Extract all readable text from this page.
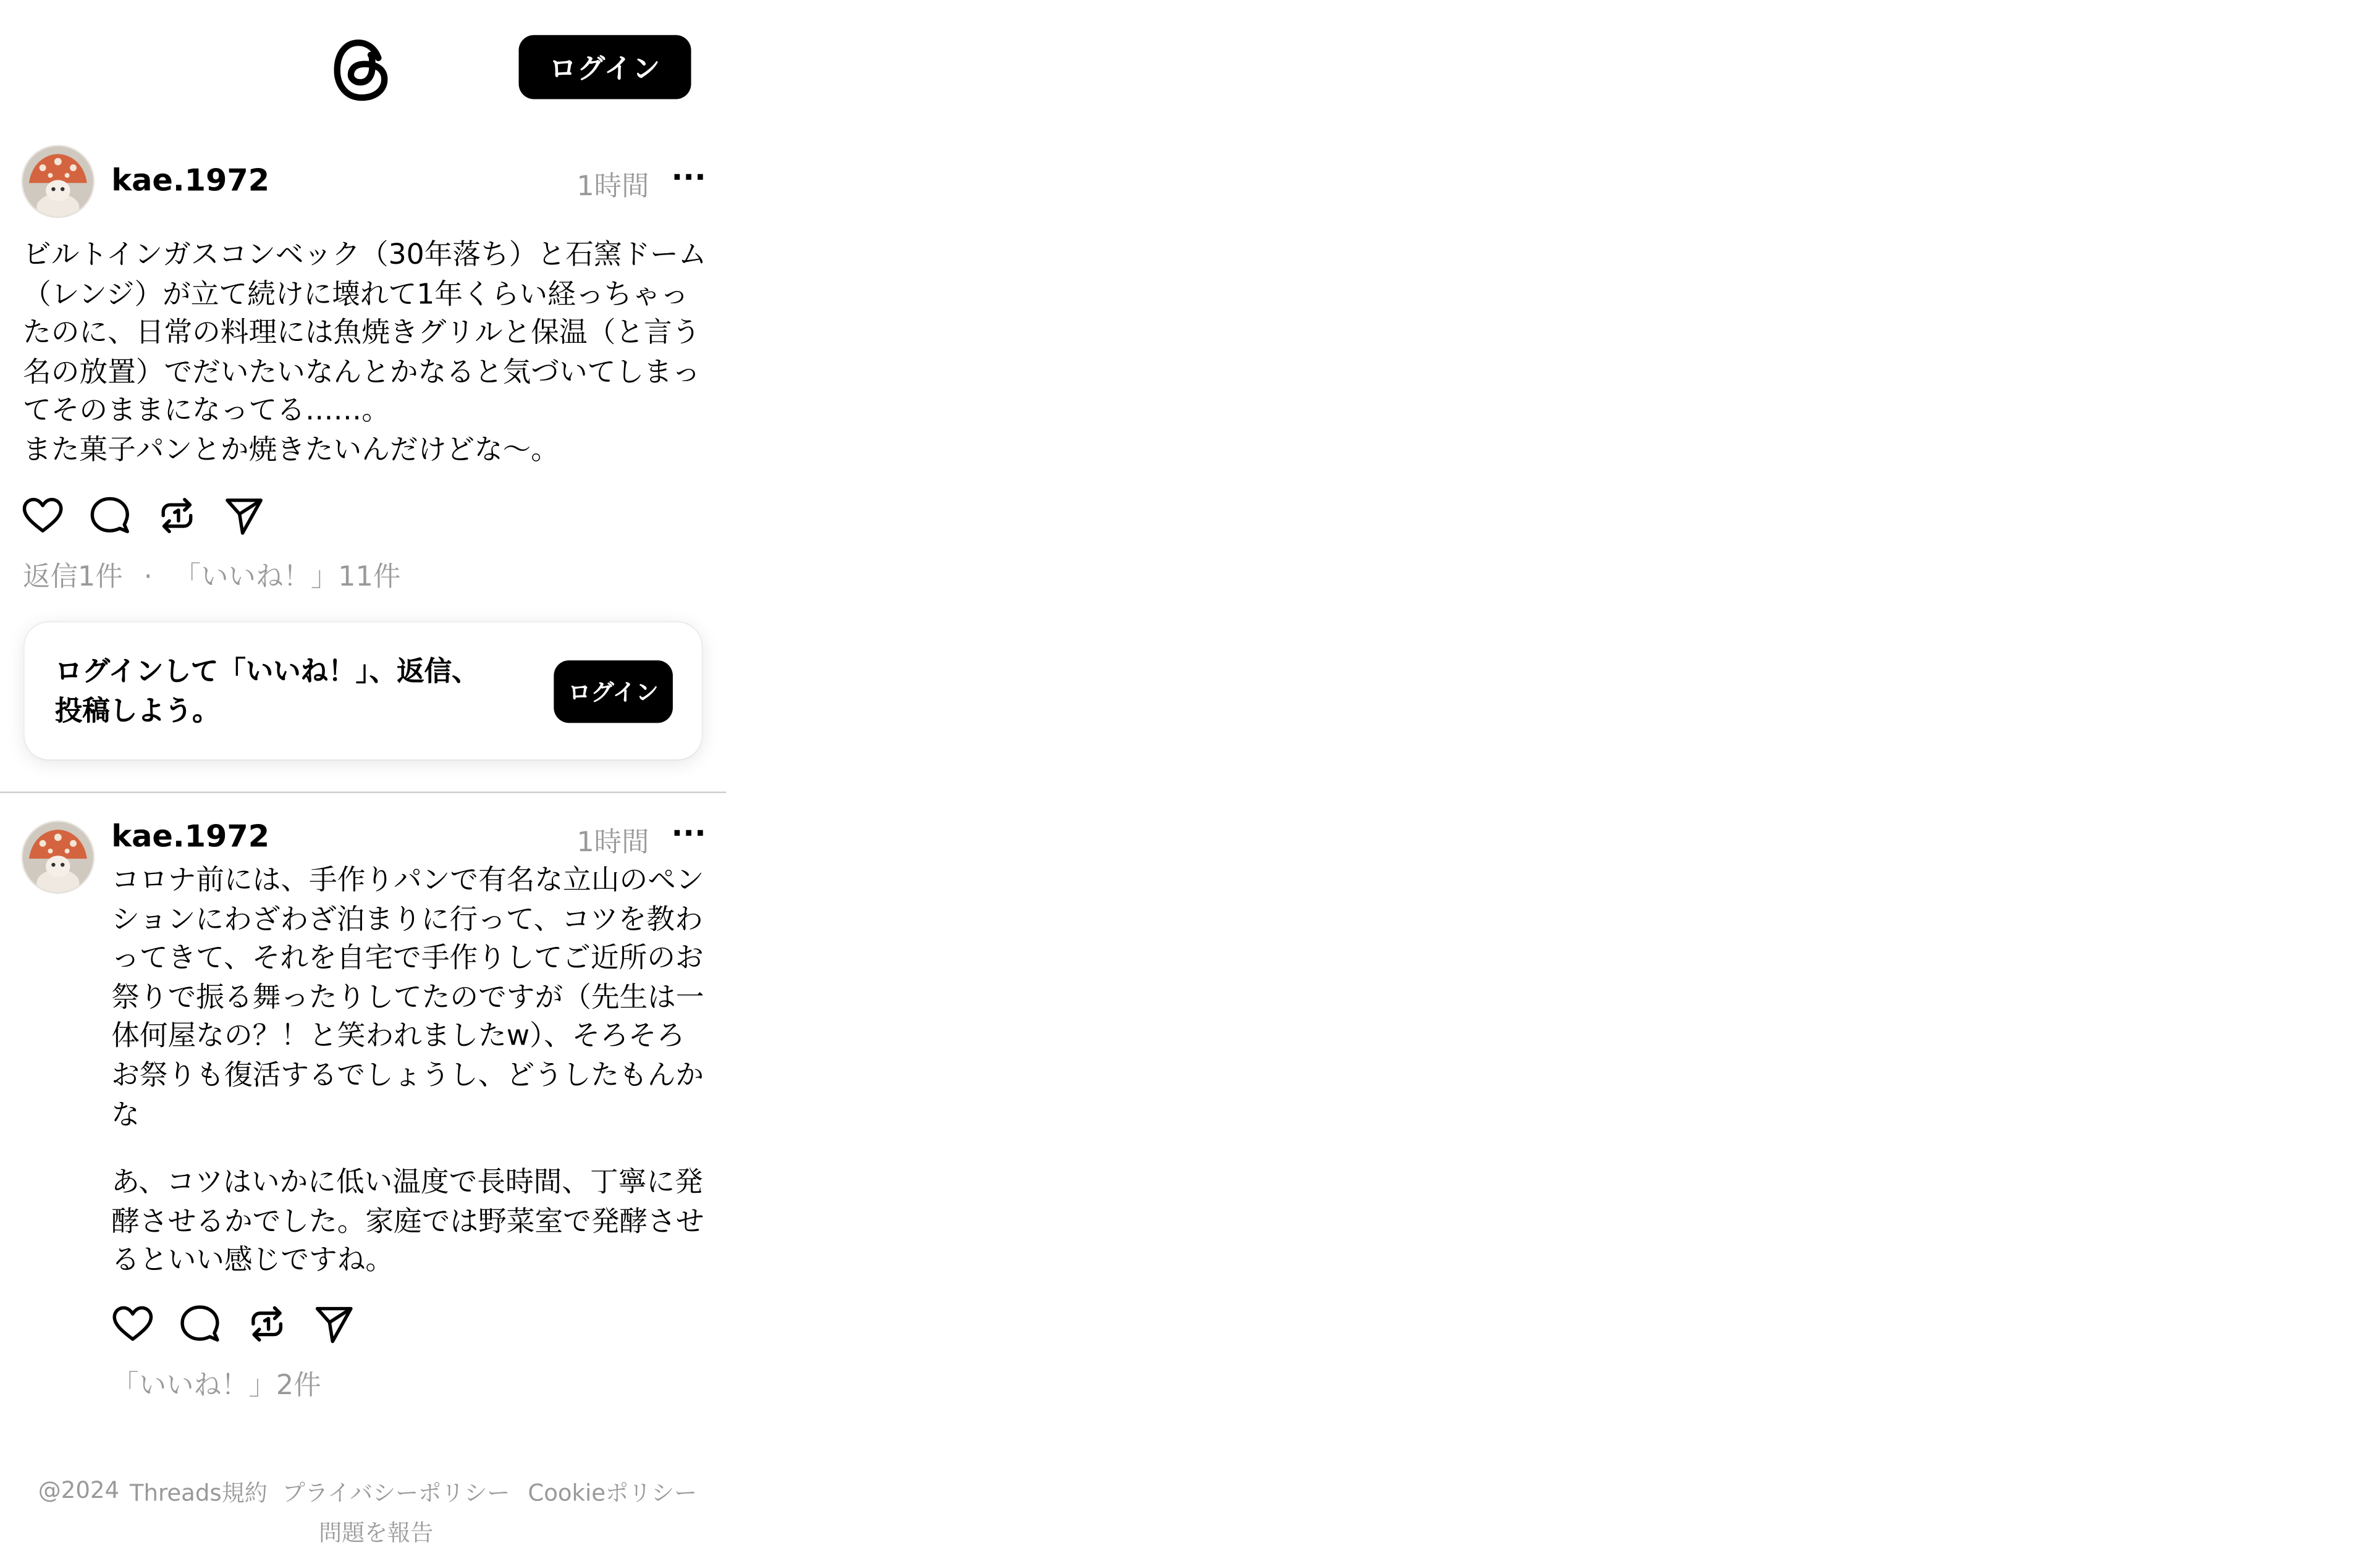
ログイン
kae.1972	1時間 ···
ビルトインガスコンベック（30年落ち）と石窯ドーム
（レンジ）が立て続けに壊れて1年くらい経っちゃっ
たのに、日常の料理には魚焼きグリルと保温（と言う
名の放置）でだいたいなんとかなると気づいてしまっ
てそのままになってる……。
また菓子パンとか焼きたいんだけどな〜。
返信1件 · 「いいね！」11件
ログインして「いいね！」、返信、
投稿しよう。
ログイン
kae.1972	1時間 ···
コロナ前には、手作りパンで有名な立山のペン
ションにわざわざ泊まりに行って、コツを教わ
ってきて、それを自宅で手作りしてご近所のお
祭りで振る舞ったりしてたのですが（先生は一
体何屋なの？！と笑われましたw）、そろそろ
お祭りも復活するでしょうし、どうしたもんか
な
あ、コツはいかに低い温度で長時間、丁寧に発
酵させるかでした。家庭では野菜室で発酵させ
るといい感じですね。
「いいね！」2件
@2024 Threads規約 プライバシーポリシー Cookieポリシー
問題を報告
